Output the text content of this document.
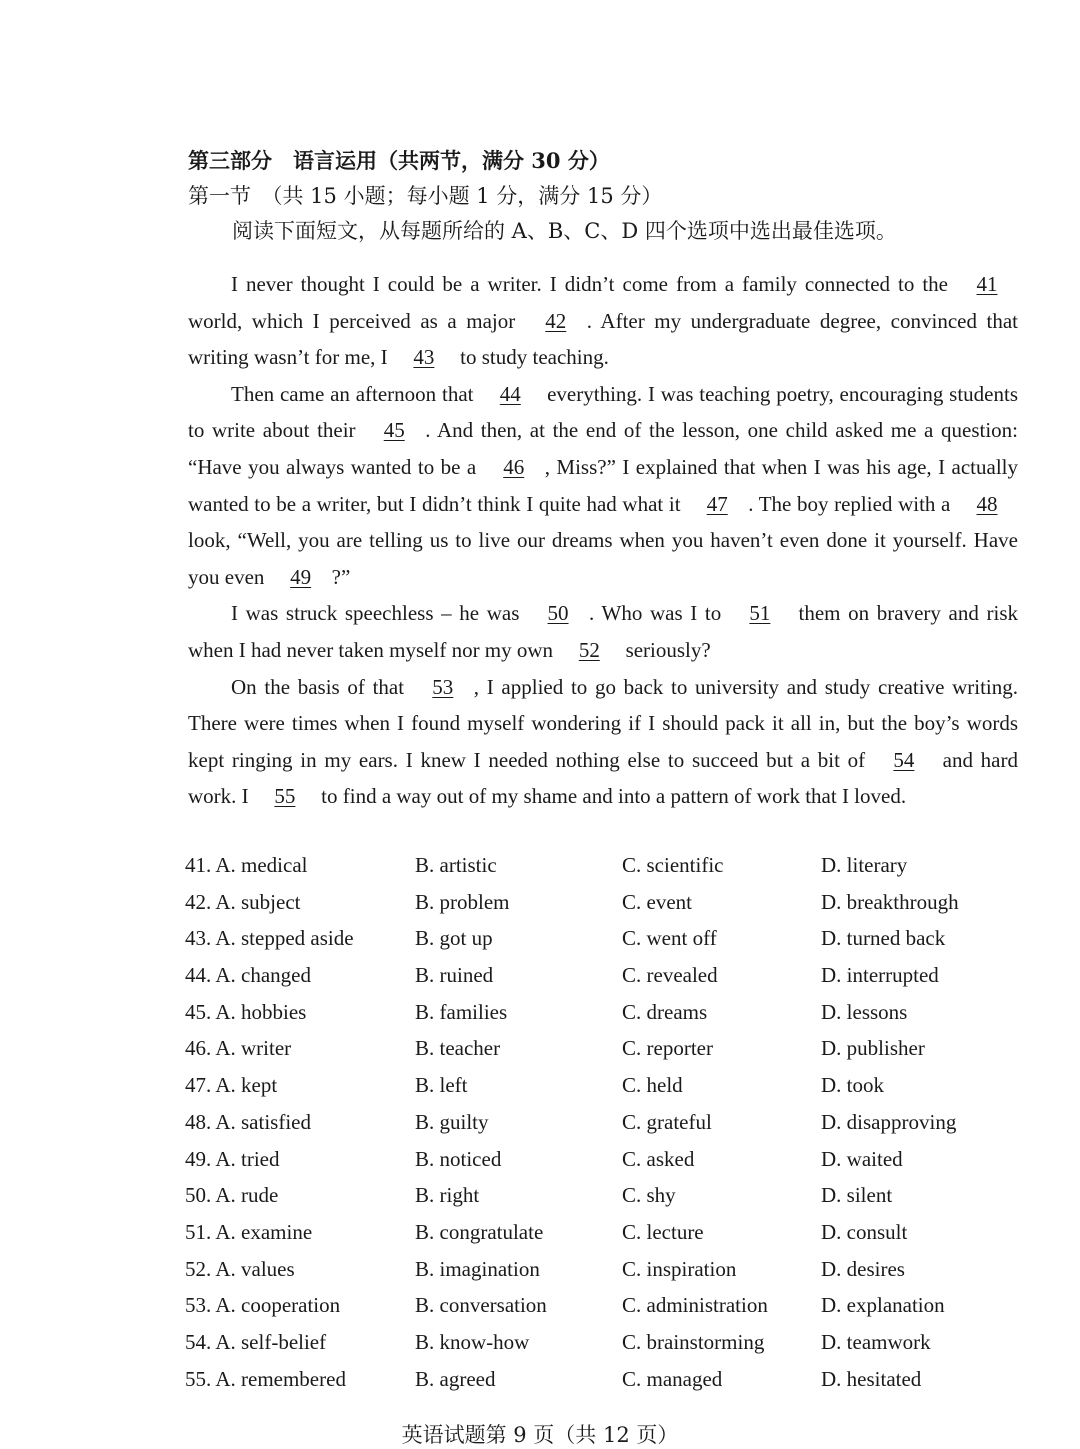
第三部分　语言运用（共两节，满分 30 分）
第一节　（共 15 小题；每小题 1 分，满分 15 分）
阅读下面短文，从每题所给的 A、B、C、D 四个选项中选出最佳选项。

I never thought I could be a writer. I didn’t come from a family connected to the 41 world, which I perceived as a major 42 . After my undergraduate degree, convinced that writing wasn’t for me, I 43 to study teaching.

Then came an afternoon that 44 everything. I was teaching poetry, encouraging students to write about their 45 . And then, at the end of the lesson, one child asked me a question: “Have you always wanted to be a 46 , Miss?” I explained that when I was his age, I actually wanted to be a writer, but I didn’t think I quite had what it 47 . The boy replied with a 48 look, “Well, you are telling us to live our dreams when you haven’t even done it yourself. Have you even 49 ?”

I was struck speechless – he was 50 . Who was I to 51 them on bravery and risk when I had never taken myself nor my own 52 seriously?

On the basis of that 53 , I applied to go back to university and study creative writing. There were times when I found myself wondering if I should pack it all in, but the boy’s words kept ringing in my ears. I knew I needed nothing else to succeed but a bit of 54 and hard work. I 55 to find a way out of my shame and into a pattern of work that I loved.

41. A. medical	B. artistic	C. scientific	D. literary
42. A. subject	B. problem	C. event	D. breakthrough
43. A. stepped aside	B. got up	C. went off	D. turned back
44. A. changed	B. ruined	C. revealed	D. interrupted
45. A. hobbies	B. families	C. dreams	D. lessons
46. A. writer	B. teacher	C. reporter	D. publisher
47. A. kept	B. left	C. held	D. took
48. A. satisfied	B. guilty	C. grateful	D. disapproving
49. A. tried	B. noticed	C. asked	D. waited
50. A. rude	B. right	C. shy	D. silent
51. A. examine	B. congratulate	C. lecture	D. consult
52. A. values	B. imagination	C. inspiration	D. desires
53. A. cooperation	B. conversation	C. administration	D. explanation
54. A. self-belief	B. know-how	C. brainstorming	D. teamwork
55. A. remembered	B. agreed	C. managed	D. hesitated
英语试题第 9 页（共 12 页）
